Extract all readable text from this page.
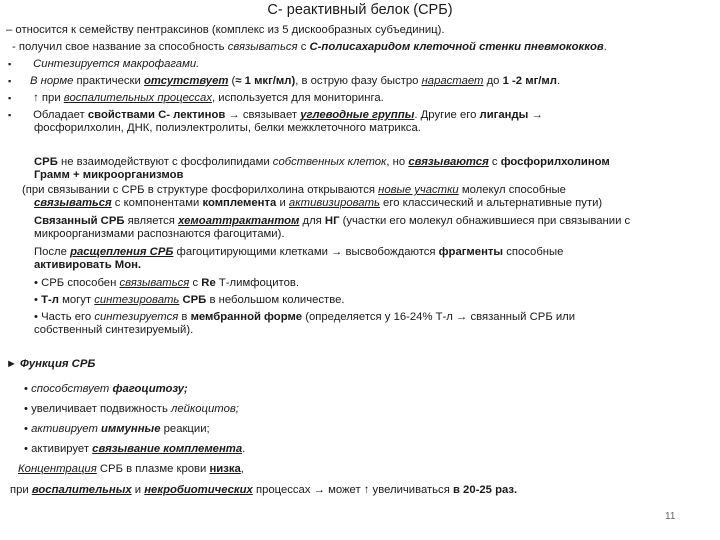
С- реактивный белок (СРБ)
– относится к семейству пентраксинов (комплекс из 5 дискообразных субъединиц).
- получил свое название за способность связываться с С-полисахаридом клеточной стенки пневмококков.
▪ Синтезируется макрофагами.
▪ В норме практически отсутствует (≈ 1 мкг/мл), в острую фазу быстро нарастает до 1 -2 мг/мл.
▪ ↑ при воспалительных процессах, используется для мониторинга.
▪ Обладает свойствами С- лектинов → связывает углеводные группы. Другие его лиганды →
фосфорилхолин, ДНК, полиэлектролиты, белки межклеточного матрикса.
СРБ не взаимодействуют с фосфолипидами собственных клеток, но связываются с фосфорилхолином
Грамм + микроорганизмов
(при связывании с СРБ в структуре фосфорилхолина открываются новые участки молекул способные
связываться с компонентами комплемента и активизировать его классический и альтернативные пути)
Связанный СРБ является хемоаттрактантом для НГ (участки его молекул обнажившиеся при связывании с
микроорганизмами распознаются фагоцитами).
После расщепления СРБ фагоцитирующими клетками → высвобождаются фрагменты способные
активировать Мон.
• СРБ способен связываться с Re Т-лимфоцитов.
• Т-л могут синтезировать СРБ в небольшом количестве.
• Часть его синтезируется в мембранной форме (определяется у 16-24% Т-л → связанный СРБ или
собственный синтезируемый).
► Функция СРБ
• способствует фагоцитозу;
• увеличивает подвижность лейкоцитов;
• активирует иммунные реакции;
• активирует связывание комплемента.
Концентрация СРБ в плазме крови низка,
при воспалительных и некробиотических процессах → может ↑ увеличиваться в 20-25 раз.
11
